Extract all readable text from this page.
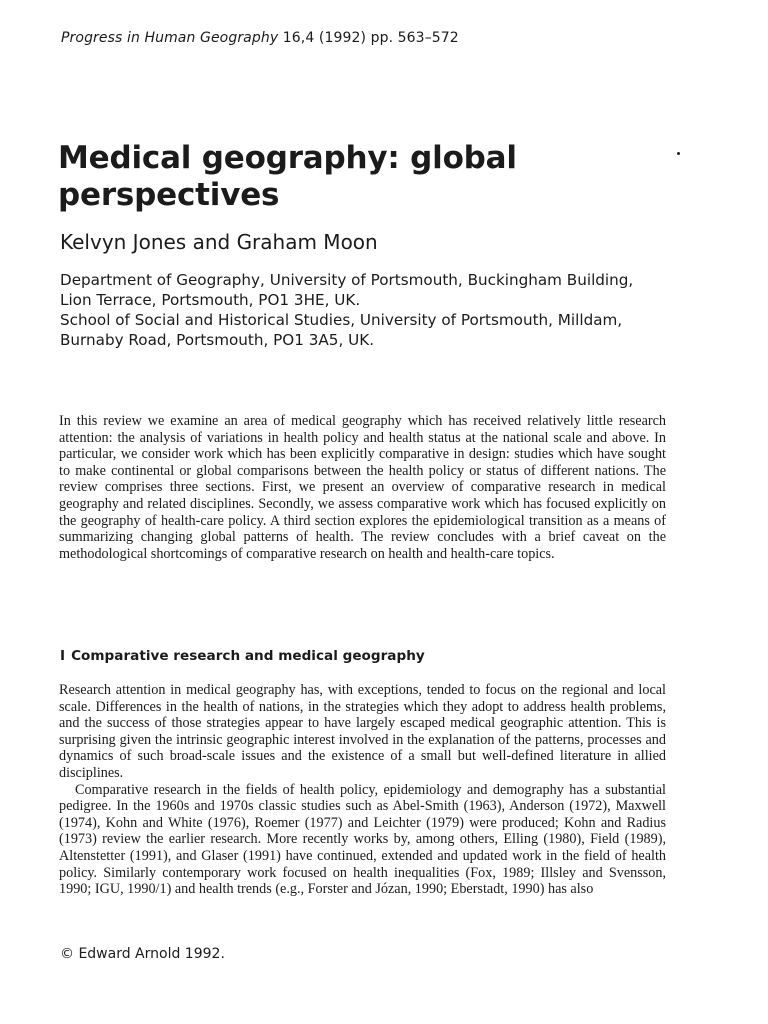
Progress in Human Geography 16,4 (1992) pp. 563–572
Medical geography: global perspectives
Kelvyn Jones and Graham Moon
Department of Geography, University of Portsmouth, Buckingham Building,
Lion Terrace, Portsmouth, PO1 3HE, UK.
School of Social and Historical Studies, University of Portsmouth, Milldam,
Burnaby Road, Portsmouth, PO1 3A5, UK.

In this review we examine an area of medical geography which has received relatively little research attention: the analysis of variations in health policy and health status at the national scale and above. In particular, we consider work which has been explicitly comparative in design: studies which have sought to make continental or global comparisons between the health policy or status of different nations. The review comprises three sections. First, we present an overview of comparative research in medical geography and related disciplines. Secondly, we assess comparative work which has focused explicitly on the geography of health-care policy. A third section explores the epidemiological transition as a means of summarizing changing global patterns of health. The review concludes with a brief caveat on the methodological shortcomings of comparative research on health and health-care topics.

I Comparative research and medical geography

Research attention in medical geography has, with exceptions, tended to focus on the regional and local scale. Differences in the health of nations, in the strategies which they adopt to address health problems, and the success of those strategies appear to have largely escaped medical geographic attention. This is surprising given the intrinsic geographic interest involved in the explanation of the patterns, processes and dynamics of such broad-scale issues and the existence of a small but well-defined literature in allied disciplines.

Comparative research in the fields of health policy, epidemiology and demography has a substantial pedigree. In the 1960s and 1970s classic studies such as Abel-Smith (1963), Anderson (1972), Maxwell (1974), Kohn and White (1976), Roemer (1977) and Leichter (1979) were produced; Kohn and Radius (1973) review the earlier research. More recently works by, among others, Elling (1980), Field (1989), Altenstetter (1991), and Glaser (1991) have continued, extended and updated work in the field of health policy. Similarly contemporary work focused on health inequalities (Fox, 1989; Illsley and Svensson, 1990; IGU, 1990/1) and health trends (e.g., Forster and Józan, 1990; Eberstadt, 1990) has also

© Edward Arnold 1992.
